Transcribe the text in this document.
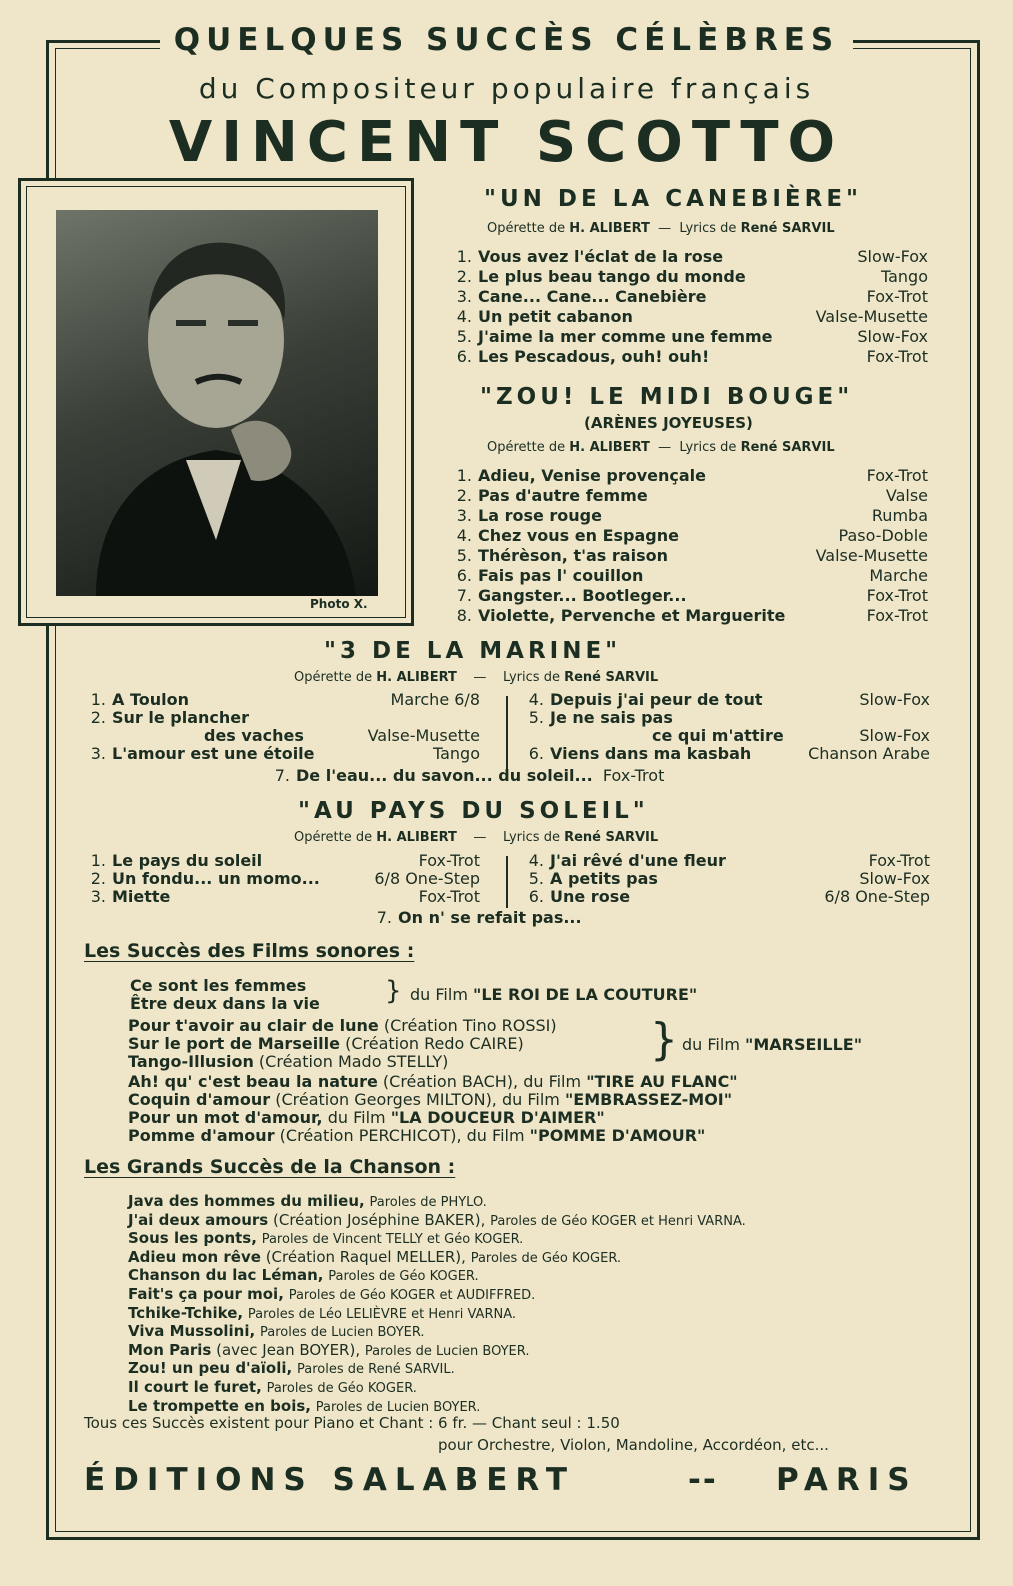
QUELQUES SUCCÈS CÉLÈBRES
du Compositeur populaire français
VINCENT SCOTTO
Photo X.
"UN DE LA CANEBIÈRE"
Opérette de H. ALIBERT — Lyrics de René SARVIL
1. Vous avez l'éclat de la rose	Slow-Fox
2. Le plus beau tango du monde	Tango
3. Cane... Cane... Canebière	Fox-Trot
4. Un petit cabanon	Valse-Musette
5. J'aime la mer comme une femme	Slow-Fox
6. Les Pescadous, ouh! ouh!	Fox-Trot
"ZOU! LE MIDI BOUGE"
(ARÈNES JOYEUSES)
Opérette de H. ALIBERT — Lyrics de René SARVIL
1. Adieu, Venise provençale	Fox-Trot
2. Pas d'autre femme	Valse
3. La rose rouge	Rumba
4. Chez vous en Espagne	Paso-Doble
5. Thérèson, t'as raison	Valse-Musette
6. Fais pas l' couillon	Marche
7. Gangster... Bootleger...	Fox-Trot
8. Violette, Pervenche et Marguerite	Fox-Trot
"3 DE LA MARINE"
Opérette de H. ALIBERT — Lyrics de René SARVIL
1. A Toulon	Marche 6/8
2. Sur le plancher
des vaches	Valse-Musette
3. L'amour est une étoile	Tango
4. Depuis j'ai peur de tout	Slow-Fox
5. Je ne sais pas
ce qui m'attire	Slow-Fox
6. Viens dans ma kasbah	Chanson Arabe
7. De l'eau... du savon... du soleil... Fox-Trot
"AU PAYS DU SOLEIL"
Opérette de H. ALIBERT — Lyrics de René SARVIL
1. Le pays du soleil	Fox-Trot
2. Un fondu... un momo...	6/8 One-Step
3. Miette	Fox-Trot
4. J'ai rêvé d'une fleur	Fox-Trot
5. A petits pas	Slow-Fox
6. Une rose	6/8 One-Step
7. On n' se refait pas...
Les Succès des Films sonores :
Ce sont les femmes
Être deux dans la vie	} du Film "LE ROI DE LA COUTURE"
Pour t'avoir au clair de lune (Création Tino ROSSI)
Sur le port de Marseille (Création Redo CAIRE)
Tango-Illusion (Création Mado STELLY)	} du Film "MARSEILLE"
Ah! qu' c'est beau la nature (Création BACH), du Film "TIRE AU FLANC"
Coquin d'amour (Création Georges MILTON), du Film "EMBRASSEZ-MOI"
Pour un mot d'amour, du Film "LA DOUCEUR D'AIMER"
Pomme d'amour (Création PERCHICOT), du Film "POMME D'AMOUR"
Les Grands Succès de la Chanson :
Java des hommes du milieu, Paroles de PHYLO.
J'ai deux amours (Création Joséphine BAKER), Paroles de Géo KOGER et Henri VARNA.
Sous les ponts, Paroles de Vincent TELLY et Géo KOGER.
Adieu mon rêve (Création Raquel MELLER), Paroles de Géo KOGER.
Chanson du lac Léman, Paroles de Géo KOGER.
Fait's ça pour moi, Paroles de Géo KOGER et AUDIFFRED.
Tchike-Tchike, Paroles de Léo LELIÈVRE et Henri VARNA.
Viva Mussolini, Paroles de Lucien BOYER.
Mon Paris (avec Jean BOYER), Paroles de Lucien BOYER.
Zou! un peu d'aïoli, Paroles de René SARVIL.
Il court le furet, Paroles de Géo KOGER.
Le trompette en bois, Paroles de Lucien BOYER.
Tous ces Succès existent pour Piano et Chant : 6 fr. — Chant seul : 1.50
pour Orchestre, Violon, Mandoline, Accordéon, etc...
ÉDITIONS SALABERT	-- PARIS
